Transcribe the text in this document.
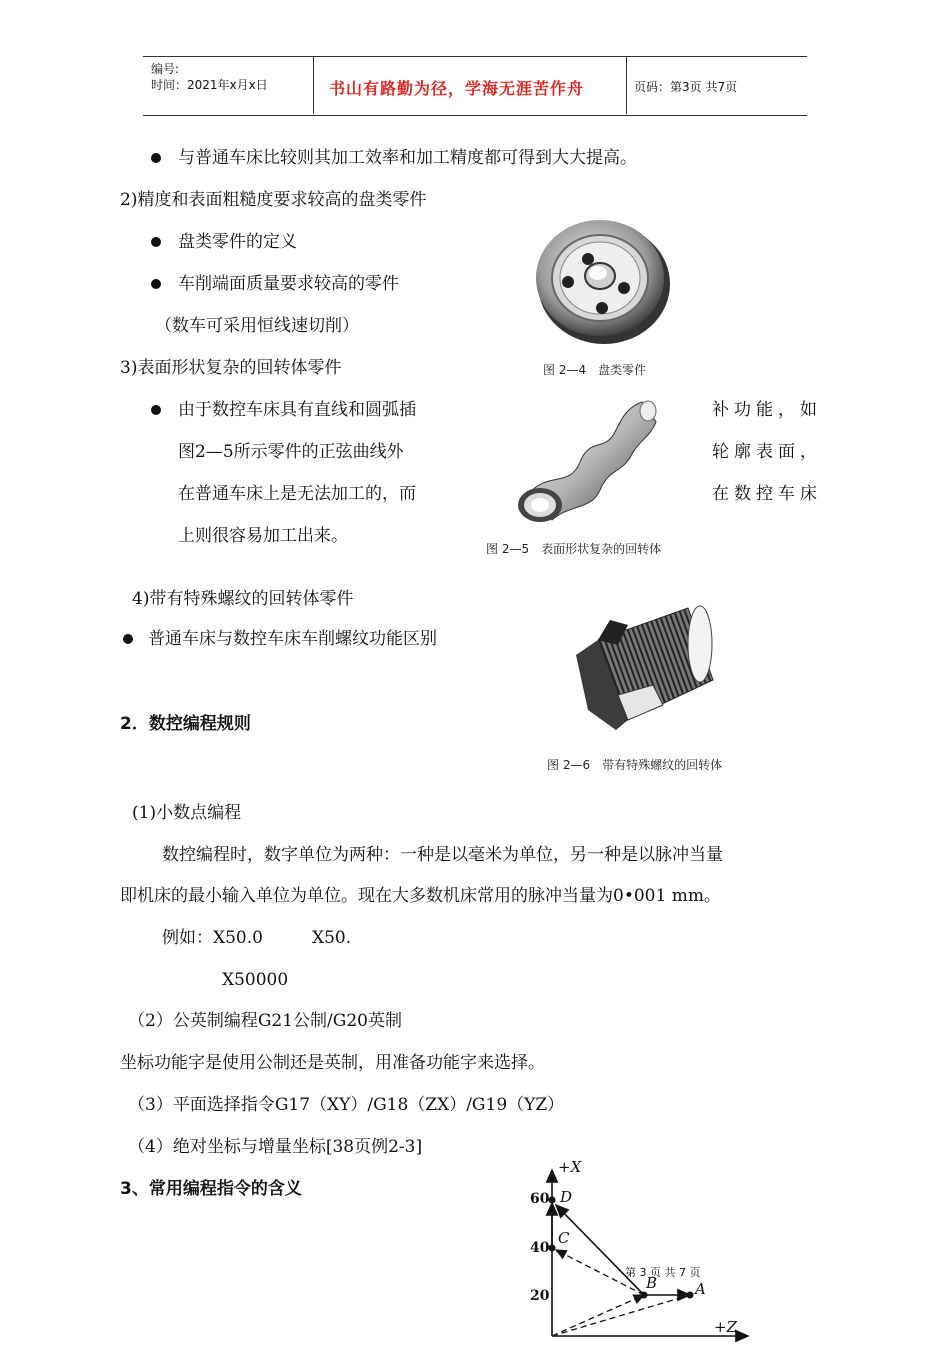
编号:
时间：2021年x月x日	书山有路勤为径，学海无涯苦作舟	页码：第3页 共7页
与普通车床比较则其加工效率和加工精度都可得到大大提高。
2)精度和表面粗糙度要求较高的盘类零件
盘类零件的定义
车削端面质量要求较高的零件
（数车可采用恒线速切削）
3)表面形状复杂的回转体零件
由于数控车床具有直线和圆弧插	补功能，如
图2—5所示零件的正弦曲线外	轮廓表面，
在普通车床上是无法加工的，而	在数控车床
上则很容易加工出来。
4)带有特殊螺纹的回转体零件
普通车床与数控车床车削螺纹功能区别
2．数控编程规则
(1)小数点编程
数控编程时，数字单位为两种：一种是以毫米为单位，另一种是以脉冲当量
即机床的最小输入单位为单位。现在大多数机床常用的脉冲当量为0•001 mm。
例如：X50.0	X50.
X50000
（2）公英制编程G21公制/G20英制
坐标功能字是使用公制还是英制，用准备功能字来选择。
（3）平面选择指令G17（XY）/G18（ZX）/G19（YZ）
（4）绝对坐标与增量坐标[38页例2-3]
3、常用编程指令的含义
图 2—4　盘类零件
图 2—5　表面形状复杂的回转体
图 2—6　带有特殊螺纹的回转体
+X
+Z
60
40
20
D
C
B	A
第 3 页 共 7 页
